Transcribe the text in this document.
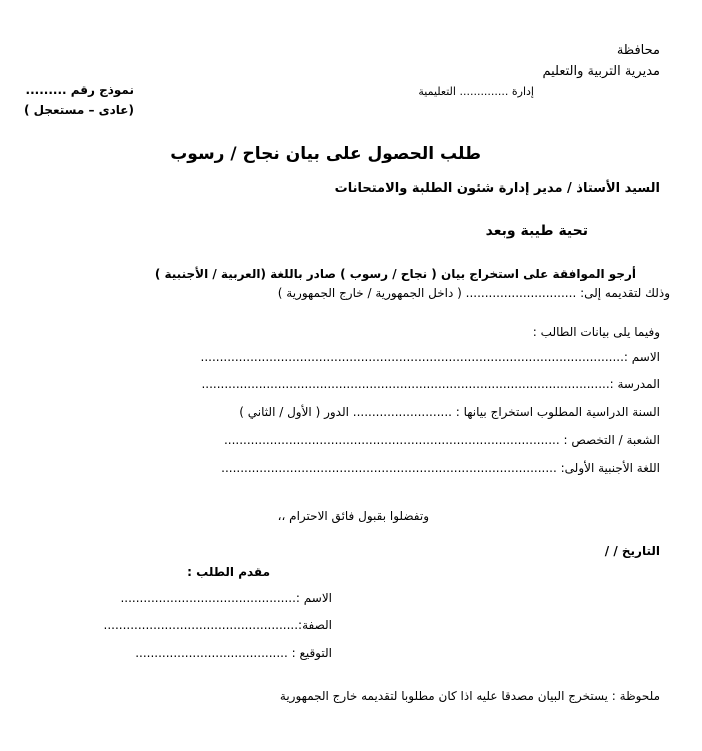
محافظة
مديرية التربية والتعليم
إدارة .............. التعليمية
نموذج رقم .........
(عادى – مستعجل )
طلب الحصول على بيان نجاح / رسوب
السيد الأستاذ / مدير إدارة شئون الطلبة والامتحانات
تحية طيبة وبعد
أرجو الموافقة على استخراج بيان ( نجاح / رسوب ) صادر باللغة (العربية / الأجنبية )
وذلك لتقديمه إلى: ............................. ( داخل الجمهورية / خارج الجمهورية )
وفيما يلى بيانات الطالب :
الاسم :...............................................................................................................
المدرسة :...........................................................................................................
السنة الدراسية المطلوب استخراج بيانها : .......................... الدور ( الأول / الثاني )
الشعبة / التخصص : ........................................................................................
اللغة الأجنبية الأولى: ........................................................................................
وتفضلوا بقبول فائق الاحترام ،،
التاريخ / /
مقدم الطلب :
الاسم :..............................................
الصفة:...................................................
التوقيع : ........................................
ملحوظة : يستخرج البيان مصدقا عليه اذا كان مطلوبا لتقديمه خارج الجمهورية
